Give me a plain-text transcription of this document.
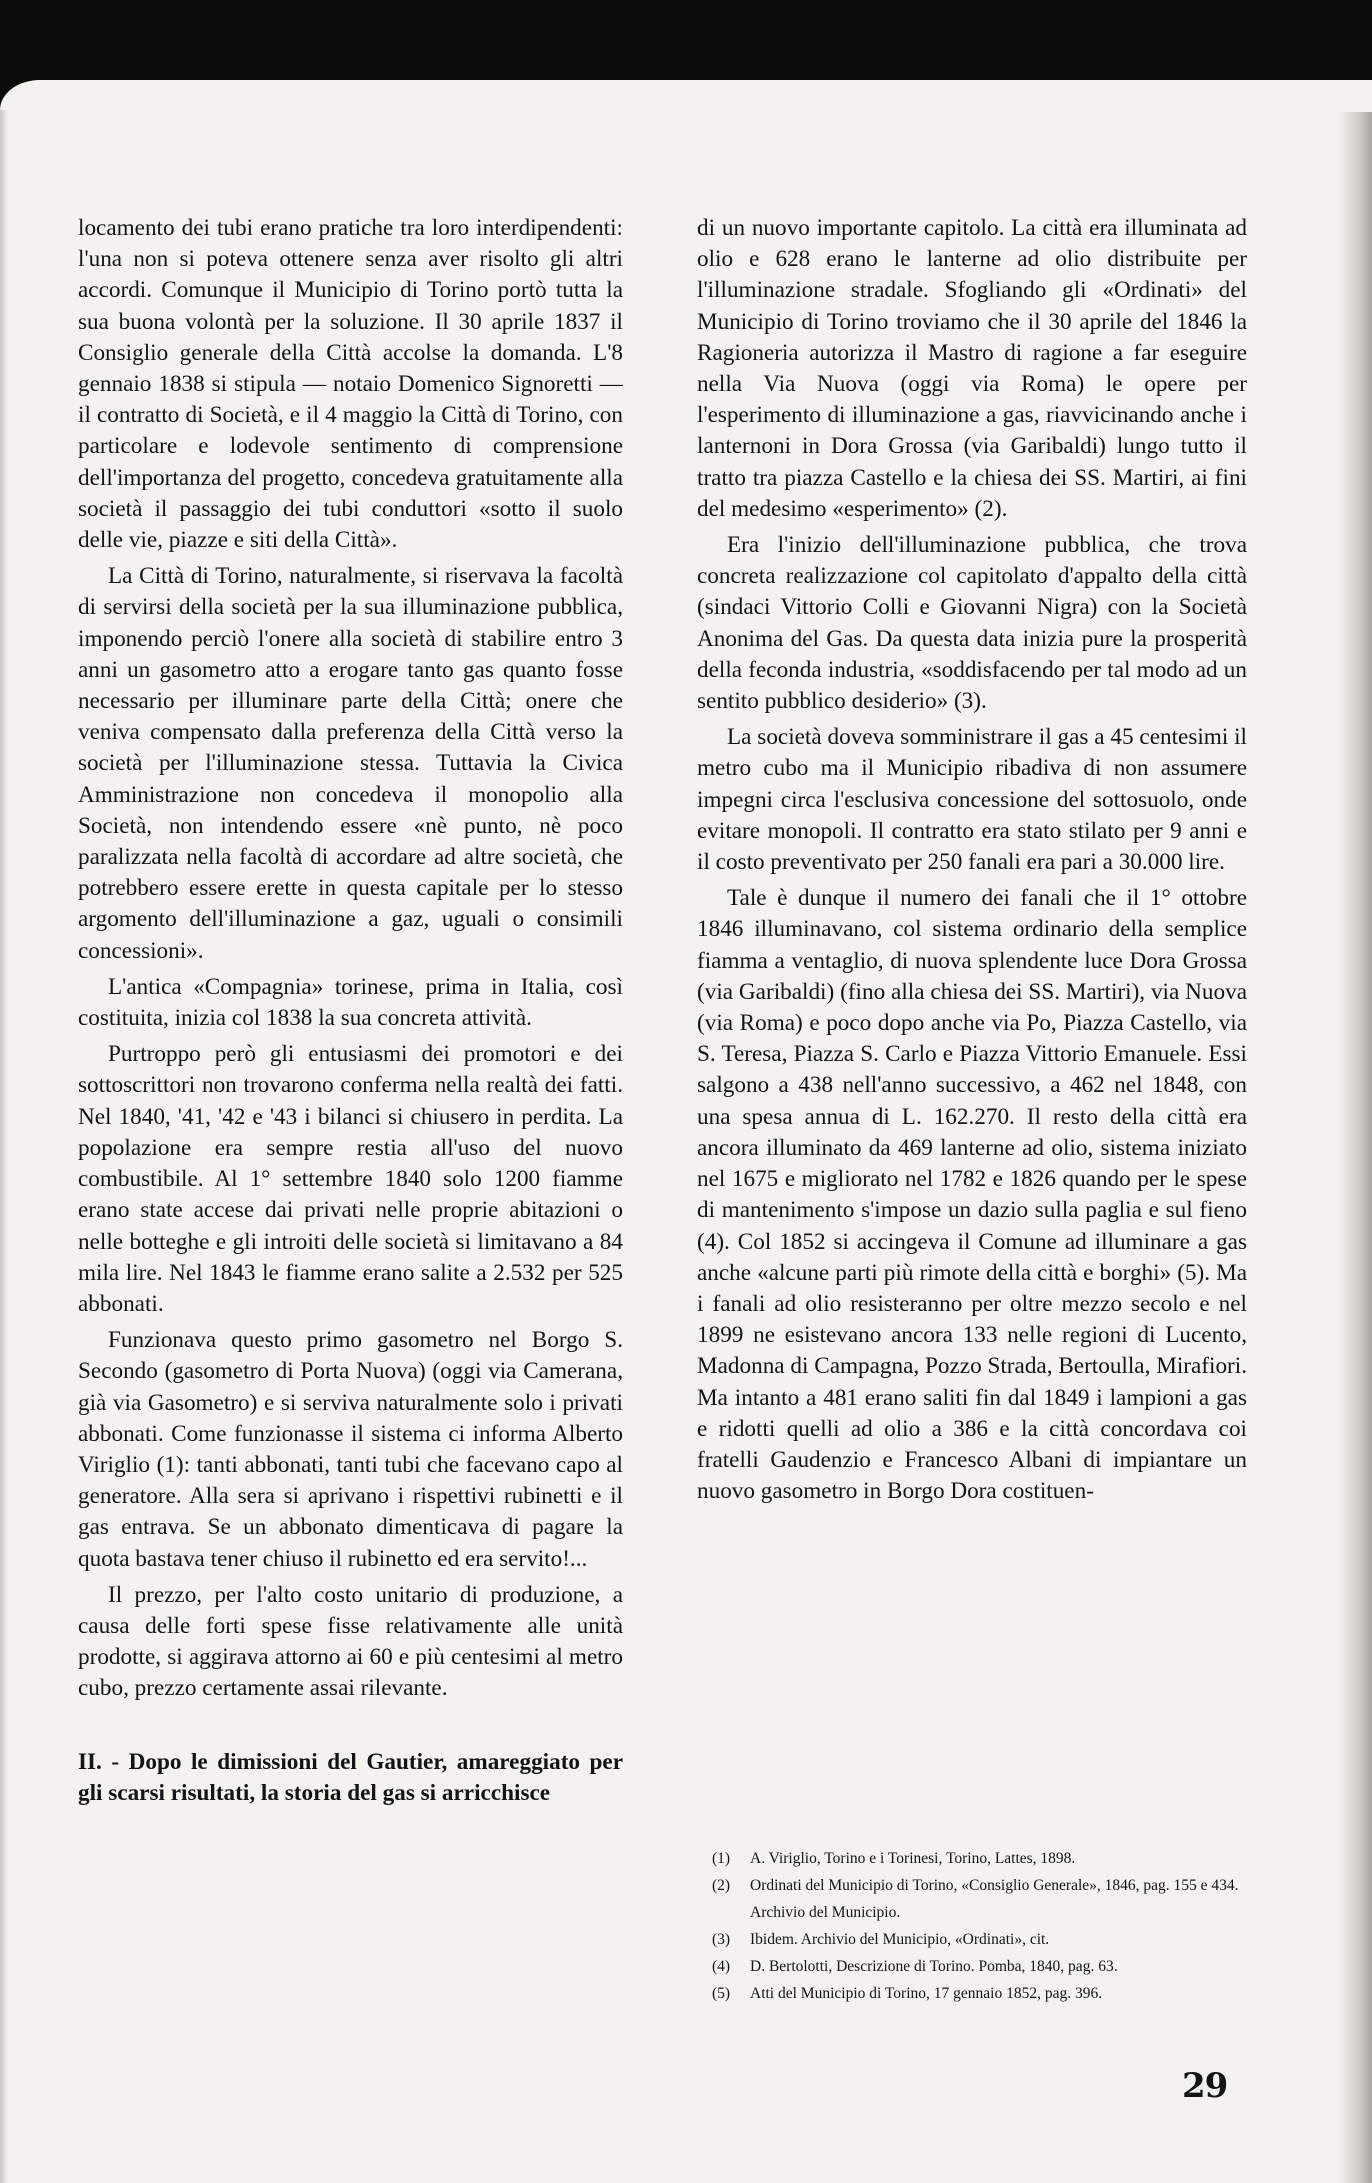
locamento dei tubi erano pratiche tra loro interdipendenti: l'una non si poteva ottenere senza aver risolto gli altri accordi. Comunque il Municipio di Torino portò tutta la sua buona volontà per la soluzione. Il 30 aprile 1837 il Consiglio generale della Città accolse la domanda. L'8 gennaio 1838 si stipula — notaio Domenico Signoretti — il contratto di Società, e il 4 maggio la Città di Torino, con particolare e lodevole sentimento di comprensione dell'importanza del progetto, concedeva gratuitamente alla società il passaggio dei tubi conduttori «sotto il suolo delle vie, piazze e siti della Città».

La Città di Torino, naturalmente, si riservava la facoltà di servirsi della società per la sua illuminazione pubblica, imponendo perciò l'onere alla società di stabilire entro 3 anni un gasometro atto a erogare tanto gas quanto fosse necessario per illuminare parte della Città; onere che veniva compensato dalla preferenza della Città verso la società per l'illuminazione stessa. Tuttavia la Civica Amministrazione non concedeva il monopolio alla Società, non intendendo essere «nè punto, nè poco paralizzata nella facoltà di accordare ad altre società, che potrebbero essere erette in questa capitale per lo stesso argomento dell'illuminazione a gaz, uguali o consimili concessioni».

L'antica «Compagnia» torinese, prima in Italia, così costituita, inizia col 1838 la sua concreta attività.

Purtroppo però gli entusiasmi dei promotori e dei sottoscrittori non trovarono conferma nella realtà dei fatti. Nel 1840, '41, '42 e '43 i bilanci si chiusero in perdita. La popolazione era sempre restia all'uso del nuovo combustibile. Al 1° settembre 1840 solo 1200 fiamme erano state accese dai privati nelle proprie abitazioni o nelle botteghe e gli introiti delle società si limitavano a 84 mila lire. Nel 1843 le fiamme erano salite a 2.532 per 525 abbonati.

Funzionava questo primo gasometro nel Borgo S. Secondo (gasometro di Porta Nuova) (oggi via Camerana, già via Gasometro) e si serviva naturalmente solo i privati abbonati. Come funzionasse il sistema ci informa Alberto Viriglio (1): tanti abbonati, tanti tubi che facevano capo al generatore. Alla sera si aprivano i rispettivi rubinetti e il gas entrava. Se un abbonato dimenticava di pagare la quota bastava tener chiuso il rubinetto ed era servito!...

Il prezzo, per l'alto costo unitario di produzione, a causa delle forti spese fisse relativamente alle unità prodotte, si aggirava attorno ai 60 e più centesimi al metro cubo, prezzo certamente assai rilevante.

II. - Dopo le dimissioni del Gautier, amareggiato per gli scarsi risultati, la storia del gas si arricchisce

di un nuovo importante capitolo. La città era illuminata ad olio e 628 erano le lanterne ad olio distribuite per l'illuminazione stradale. Sfogliando gli «Ordinati» del Municipio di Torino troviamo che il 30 aprile del 1846 la Ragioneria autorizza il Mastro di ragione a far eseguire nella Via Nuova (oggi via Roma) le opere per l'esperimento di illuminazione a gas, riavvicinando anche i lanternoni in Dora Grossa (via Garibaldi) lungo tutto il tratto tra piazza Castello e la chiesa dei SS. Martiri, ai fini del medesimo «esperimento» (2).

Era l'inizio dell'illuminazione pubblica, che trova concreta realizzazione col capitolato d'appalto della città (sindaci Vittorio Colli e Giovanni Nigra) con la Società Anonima del Gas. Da questa data inizia pure la prosperità della feconda industria, «soddisfacendo per tal modo ad un sentito pubblico desiderio» (3).

La società doveva somministrare il gas a 45 centesimi il metro cubo ma il Municipio ribadiva di non assumere impegni circa l'esclusiva concessione del sottosuolo, onde evitare monopoli. Il contratto era stato stilato per 9 anni e il costo preventivato per 250 fanali era pari a 30.000 lire.

Tale è dunque il numero dei fanali che il 1° ottobre 1846 illuminavano, col sistema ordinario della semplice fiamma a ventaglio, di nuova splendente luce Dora Grossa (via Garibaldi) (fino alla chiesa dei SS. Martiri), via Nuova (via Roma) e poco dopo anche via Po, Piazza Castello, via S. Teresa, Piazza S. Carlo e Piazza Vittorio Emanuele. Essi salgono a 438 nell'anno successivo, a 462 nel 1848, con una spesa annua di L. 162.270. Il resto della città era ancora illuminato da 469 lanterne ad olio, sistema iniziato nel 1675 e migliorato nel 1782 e 1826 quando per le spese di mantenimento s'impose un dazio sulla paglia e sul fieno (4). Col 1852 si accingeva il Comune ad illuminare a gas anche «alcune parti più rimote della città e borghi» (5). Ma i fanali ad olio resisteranno per oltre mezzo secolo e nel 1899 ne esistevano ancora 133 nelle regioni di Lucento, Madonna di Campagna, Pozzo Strada, Bertoulla, Mirafiori. Ma intanto a 481 erano saliti fin dal 1849 i lampioni a gas e ridotti quelli ad olio a 386 e la città concordava coi fratelli Gaudenzio e Francesco Albani di impiantare un nuovo gasometro in Borgo Dora costituen-

(1)	A. Viriglio, Torino e i Torinesi, Torino, Lattes, 1898.
(2)	Ordinati del Municipio di Torino, «Consiglio Generale», 1846, pag. 155 e 434. Archivio del Municipio.
(3)	Ibidem. Archivio del Municipio, «Ordinati», cit.
(4)	D. Bertolotti, Descrizione di Torino. Pomba, 1840, pag. 63.
(5)	Atti del Municipio di Torino, 17 gennaio 1852, pag. 396.
29
